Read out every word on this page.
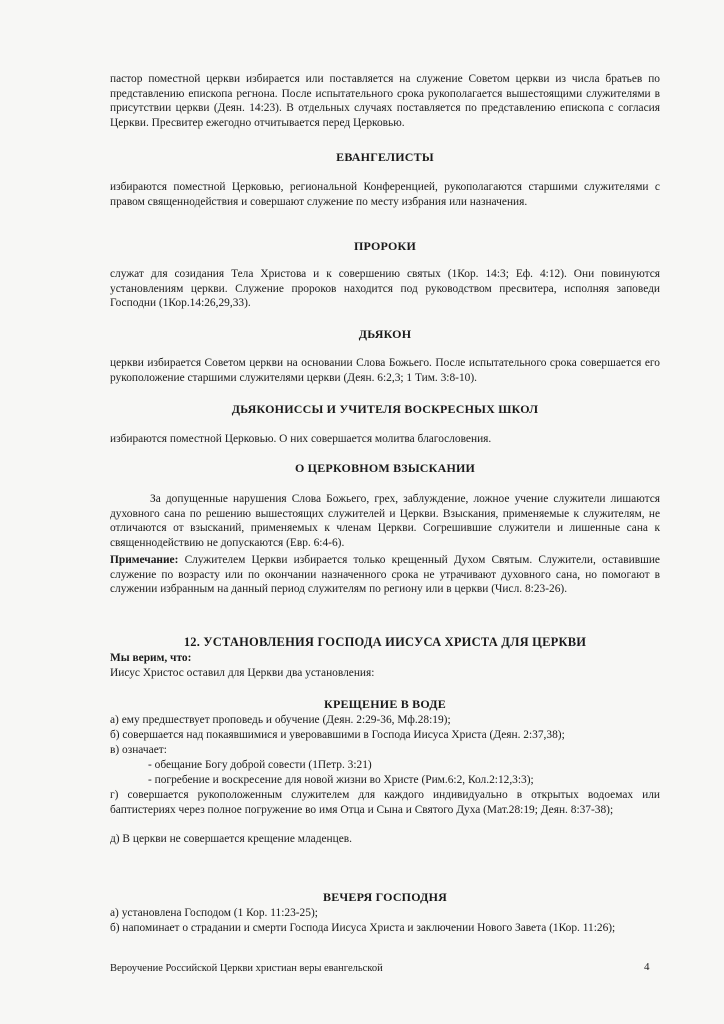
пастор поместной церкви избирается или поставляется на служение Советом церкви из числа братьев по представлению епископа регнона. После испытательного срока рукополагается вышестоящими служителями в присутствии церкви (Деян. 14:23). В отдельных случаях поставляется по представлению епископа с согласия Церкви. Пресвитер ежегодно отчитывается перед Церковью.

ЕВАНГЕЛИСТЫ

избираются поместной Церковью, региональной Конференцией, рукополагаются старшими служителями с правом священнодействия и совершают служение по месту избрания или назначения.

ПРОРОКИ

служат для созидания Тела Христова и к совершению святых (1Кор. 14:3; Еф. 4:12). Они повинуются установлениям церкви. Служение пророков находится под руководством пресвитера, исполняя заповеди Господни (1Кор.14:26,29,33).

ДЬЯКОН

церкви избирается Советом церкви на основании Слова Божьего. После испытательного срока совершается его рукоположение старшими служителями церкви (Деян. 6:2,3; 1 Тим. 3:8-10).

ДЬЯКОНИССЫ И УЧИТЕЛЯ ВОСКРЕСНЫХ ШКОЛ

избираются поместной Церковью. О них совершается молитва благословения.

О ЦЕРКОВНОМ ВЗЫСКАНИИ

За допущенные нарушения Слова Божьего, грех, заблуждение, ложное учение служители лишаются духовного сана по решению вышестоящих служителей и Церкви. Взыскания, применяемые к служителям, не отличаются от взысканий, применяемых к членам Церкви. Согрешившие служители и лишенные сана к священнодействию не допускаются (Евр. 6:4-6).

Примечание: Служителем Церкви избирается только крещенный Духом Святым. Служители, оставившие служение по возрасту или по окончании назначенного срока не утрачивают духовного сана, но помогают в служении избранным на данный период служителям по региону или в церкви (Числ. 8:23-26).

12. УСТАНОВЛЕНИЯ ГОСПОДА ИИСУСА ХРИСТА ДЛЯ ЦЕРКВИ

Мы верим, что:

Иисус Христос оставил для Церкви два установления:

КРЕЩЕНИЕ В ВОДЕ

а) ему предшествует проповедь и обучение (Деян. 2:29-36, Мф.28:19);

б) совершается над покаявшимися и уверовавшими в Господа Иисуса Христа (Деян. 2:37,38);

в) означает:

- обещание Богу доброй совести (1Петр. 3:21)

- погребение и воскресение для новой жизни во Христе (Рим.6:2, Кол.2:12,3:3);

г) совершается рукоположенным служителем для каждого индивидуально в открытых водоемах или баптистериях через полное погружение во имя Отца и Сына и Святого Духа (Мат.28:19; Деян. 8:37-38);

д) В церкви не совершается крещение младенцев.

ВЕЧЕРЯ ГОСПОДНЯ

а) установлена Господом (1 Кор. 11:23-25);

б) напоминает о страдании и смерти Господа Иисуса Христа и заключении Нового Завета (1Кор. 11:26);

Вероучение Российской Церкви христиан веры евангельской	4
